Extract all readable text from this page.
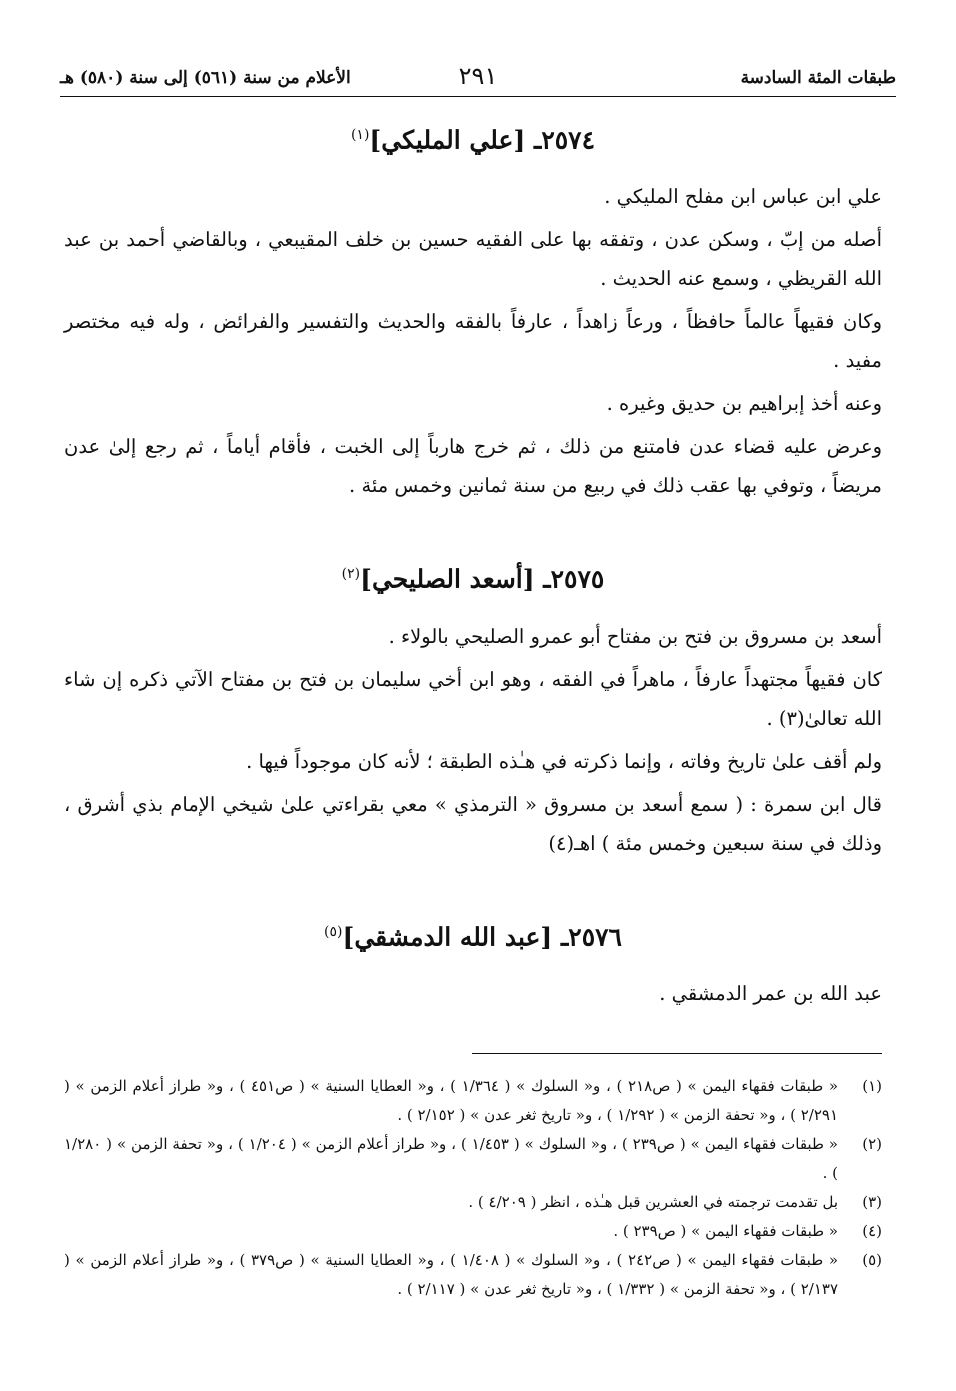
طبقات المئة السادسة
٢٩١
الأعلام من سنة (٥٦١) إلى سنة (٥٨٠) هـ
٢٥٧٤ـ [علي المليكي]$^{(١)}$

علي ابن عباس ابن مفلح المليكي .

أصله من إبّ ، وسكن عدن ، وتفقه بها على الفقيه حسين بن خلف المقيبعي ، وبالقاضي أحمد بن عبد الله القريظي ، وسمع عنه الحديث .

وكان فقيهاً عالماً حافظاً ، ورعاً زاهداً ، عارفاً بالفقه والحديث والتفسير والفرائض ، وله فيه مختصر مفيد .

وعنه أخذ إبراهيم بن حديق وغيره .

وعرض عليه قضاء عدن فامتنع من ذلك ، ثم خرج هارباً إلى الخبت ، فأقام أياماً ، ثم رجع إلىٰ عدن مريضاً ، وتوفي بها عقب ذلك في ربيع من سنة ثمانين وخمس مئة .

٢٥٧٥ـ [أسعد الصليحي]$^{(٢)}$

أسعد بن مسروق بن فتح بن مفتاح أبو عمرو الصليحي بالولاء .

كان فقيهاً مجتهداً عارفاً ، ماهراً في الفقه ، وهو ابن أخي سليمان بن فتح بن مفتاح الآتي ذكره إن شاء الله تعالىٰ(٣) .

ولم أقف علىٰ تاريخ وفاته ، وإنما ذكرته في هـٰذه الطبقة ؛ لأنه كان موجوداً فيها .

قال ابن سمرة : ( سمع أسعد بن مسروق « الترمذي » معي بقراءتي علىٰ شيخي الإمام بذي أشرق ، وذلك في سنة سبعين وخمس مئة ) اهـ(٤)

٢٥٧٦ـ [عبد الله الدمشقي]$^{(٥)}$

عبد الله بن عمر الدمشقي .

(١)
« طبقات فقهاء اليمن » ( ص٢١٨ ) ، و« السلوك » ( ١/٣٦٤ ) ، و« العطايا السنية » ( ص٤٥١ ) ، و« طراز أعلام الزمن » ( ٢/٢٩١ ) ، و« تحفة الزمن » ( ١/٢٩٢ ) ، و« تاريخ ثغر عدن » ( ٢/١٥٢ ) .
(٢)
« طبقات فقهاء اليمن » ( ص٢٣٩ ) ، و« السلوك » ( ١/٤٥٣ ) ، و« طراز أعلام الزمن » ( ١/٢٠٤ ) ، و« تحفة الزمن » ( ١/٢٨٠ ) .
(٣)
بل تقدمت ترجمته في العشرين قبل هـٰذه ، انظر ( ٤/٢٠٩ ) .
(٤)
« طبقات فقهاء اليمن » ( ص٢٣٩ ) .
(٥)
« طبقات فقهاء اليمن » ( ص٢٤٢ ) ، و« السلوك » ( ١/٤٠٨ ) ، و« العطايا السنية » ( ص٣٧٩ ) ، و« طراز أعلام الزمن » ( ٢/١٣٧ ) ، و« تحفة الزمن » ( ١/٣٣٢ ) ، و« تاريخ ثغر عدن » ( ٢/١١٧ ) .
